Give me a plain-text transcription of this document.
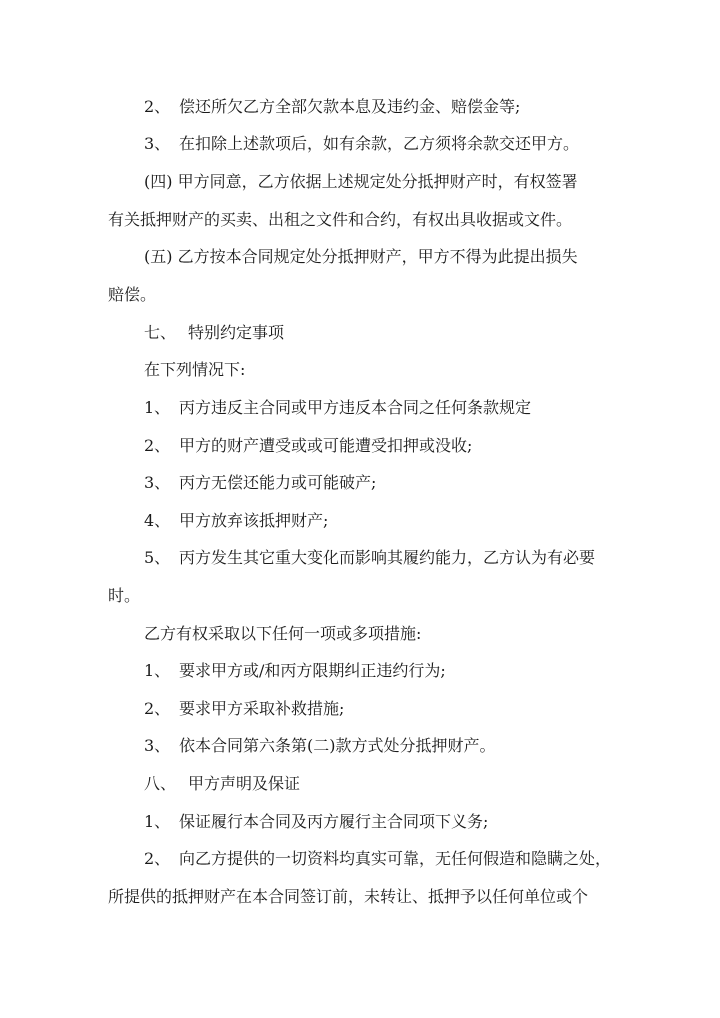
2、 偿还所欠乙方全部欠款本息及违约金、赔偿金等;
3、 在扣除上述款项后，如有余款，乙方须将余款交还甲方。
(四) 甲方同意，乙方依据上述规定处分抵押财产时，有权签署
有关抵押财产的买卖、出租之文件和合约，有权出具收据或文件。
(五) 乙方按本合同规定处分抵押财产，甲方不得为此提出损失
赔偿。
七、 特别约定事项
在下列情况下:
1、 丙方违反主合同或甲方违反本合同之任何条款规定
2、 甲方的财产遭受或或可能遭受扣押或没收;
3、 丙方无偿还能力或可能破产;
4、 甲方放弃该抵押财产;
5、 丙方发生其它重大变化而影响其履约能力，乙方认为有必要
时。
乙方有权采取以下任何一项或多项措施:
1、 要求甲方或/和丙方限期纠正违约行为;
2、 要求甲方采取补救措施;
3、 依本合同第六条第(二)款方式处分抵押财产。
八、 甲方声明及保证
1、 保证履行本合同及丙方履行主合同项下义务;
2、 向乙方提供的一切资料均真实可靠，无任何假造和隐瞒之处，
所提供的抵押财产在本合同签订前，未转让、抵押予以任何单位或个
